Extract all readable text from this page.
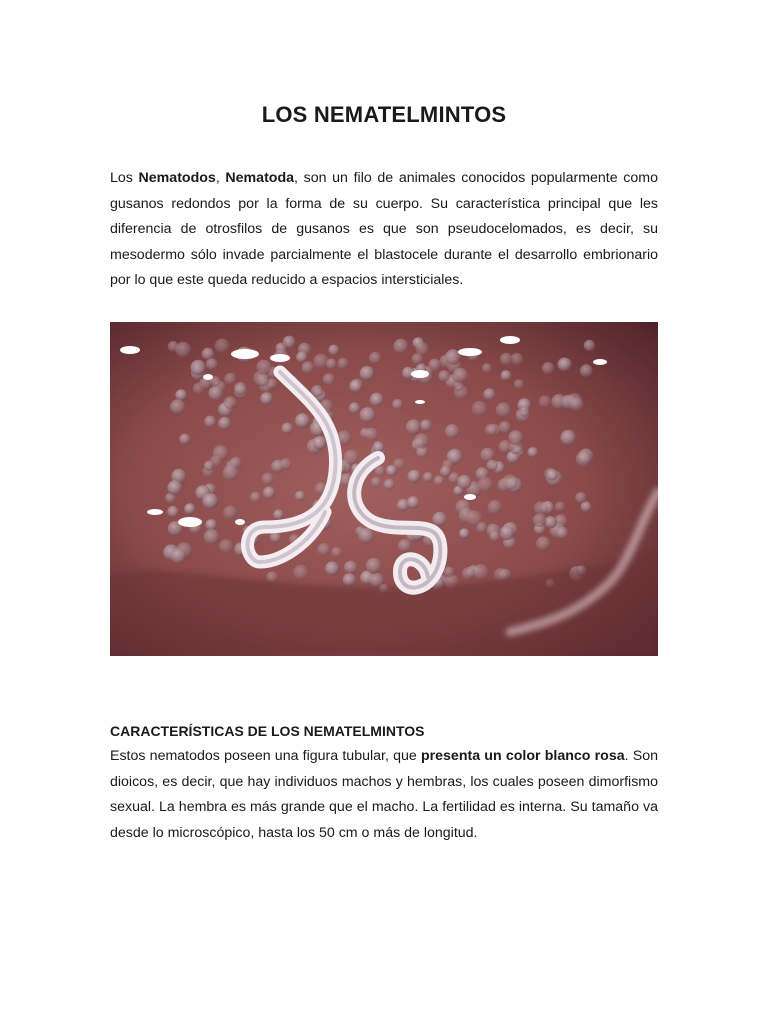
LOS NEMATELMINTOS

Los Nematodos, Nematoda, son un filo de animales conocidos popularmente como gusanos redondos por la forma de su cuerpo. Su característica principal que les diferencia de otrosfilos de gusanos es que son pseudocelomados, es decir, su mesodermo sólo invade parcialmente el blastocele durante el desarrollo embrionario por lo que este queda reducido a espacios intersticiales.

CARACTERÍSTICAS DE LOS NEMATELMINTOS

Estos nematodos poseen una figura tubular, que presenta un color blanco rosa. Son dioicos, es decir, que hay individuos machos y hembras, los cuales poseen dimorfismo sexual. La hembra es más grande que el macho. La fertilidad es interna. Su tamaño va desde lo microscópico, hasta los 50 cm o más de longitud.
